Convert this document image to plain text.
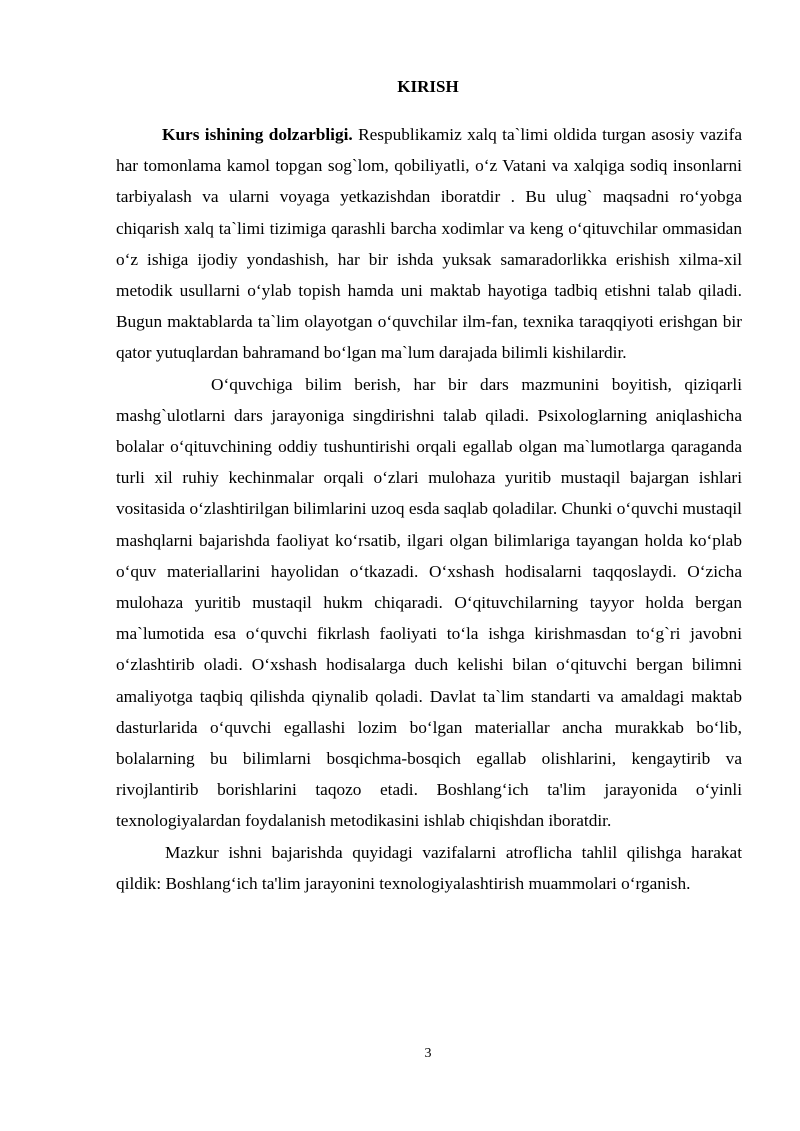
KIRISH

Kurs ishining dolzarbligi. Respublikamiz xalq ta`limi oldida turgan asosiy vazifa har tomonlama kamol topgan sog`lom, qobiliyatli, o‘z Vatani va xalqiga sodiq insonlarni tarbiyalash va ularni voyaga yetkazishdan iboratdir . Bu ulug` maqsadni ro‘yobga chiqarish xalq ta`limi tizimiga qarashli barcha xodimlar va keng o‘qituvchilar ommasidan o‘z ishiga ijodiy yondashish, har bir ishda yuksak samaradorlikka erishish xilma-xil metodik usullarni o‘ylab topish hamda uni maktab hayotiga tadbiq etishni talab qiladi. Bugun maktablarda ta`lim olayotgan o‘quvchilar ilm-fan, texnika taraqqiyoti erishgan bir qator yutuqlardan bahramand bo‘lgan ma`lum darajada bilimli kishilardir.

O‘quvchiga bilim berish, har bir dars mazmunini boyitish, qiziqarli mashg`ulotlarni dars jarayoniga singdirishni talab qiladi. Psixologlarning aniqlashicha bolalar o‘qituvchining oddiy tushuntirishi orqali egallab olgan ma`lumotlarga qaraganda turli xil ruhiy kechinmalar orqali o‘zlari mulohaza yuritib mustaqil bajargan ishlari vositasida o‘zlashtirilgan bilimlarini uzoq esda saqlab qoladilar. Chunki o‘quvchi mustaqil mashqlarni bajarishda faoliyat ko‘rsatib, ilgari olgan bilimlariga tayangan holda ko‘plab o‘quv materiallarini hayolidan o‘tkazadi. O‘xshash hodisalarni taqqoslaydi. O‘zicha mulohaza yuritib mustaqil hukm chiqaradi. O‘qituvchilarning tayyor holda bergan ma`lumotida esa o‘quvchi fikrlash faoliyati to‘la ishga kirishmasdan to‘g`ri javobni o‘zlashtirib oladi. O‘xshash hodisalarga duch kelishi bilan o‘qituvchi bergan bilimni amaliyotga taqbiq qilishda qiynalib qoladi. Davlat ta`lim standarti va amaldagi maktab dasturlarida o‘quvchi egallashi lozim bo‘lgan materiallar ancha murakkab bo‘lib, bolalarning bu bilimlarni bosqichma-bosqich egallab olishlarini, kengaytirib va rivojlantirib borishlarini taqozo etadi. Boshlang‘ich ta'lim jarayonida o‘yinli texnologiyalardan foydalanish metodikasini ishlab chiqishdan iboratdir.

Mazkur ishni bajarishda quyidagi vazifalarni atroflicha tahlil qilishga harakat qildik: Boshlang‘ich ta'lim jarayonini texnologiyalashtirish muammolari o‘rganish.

3
